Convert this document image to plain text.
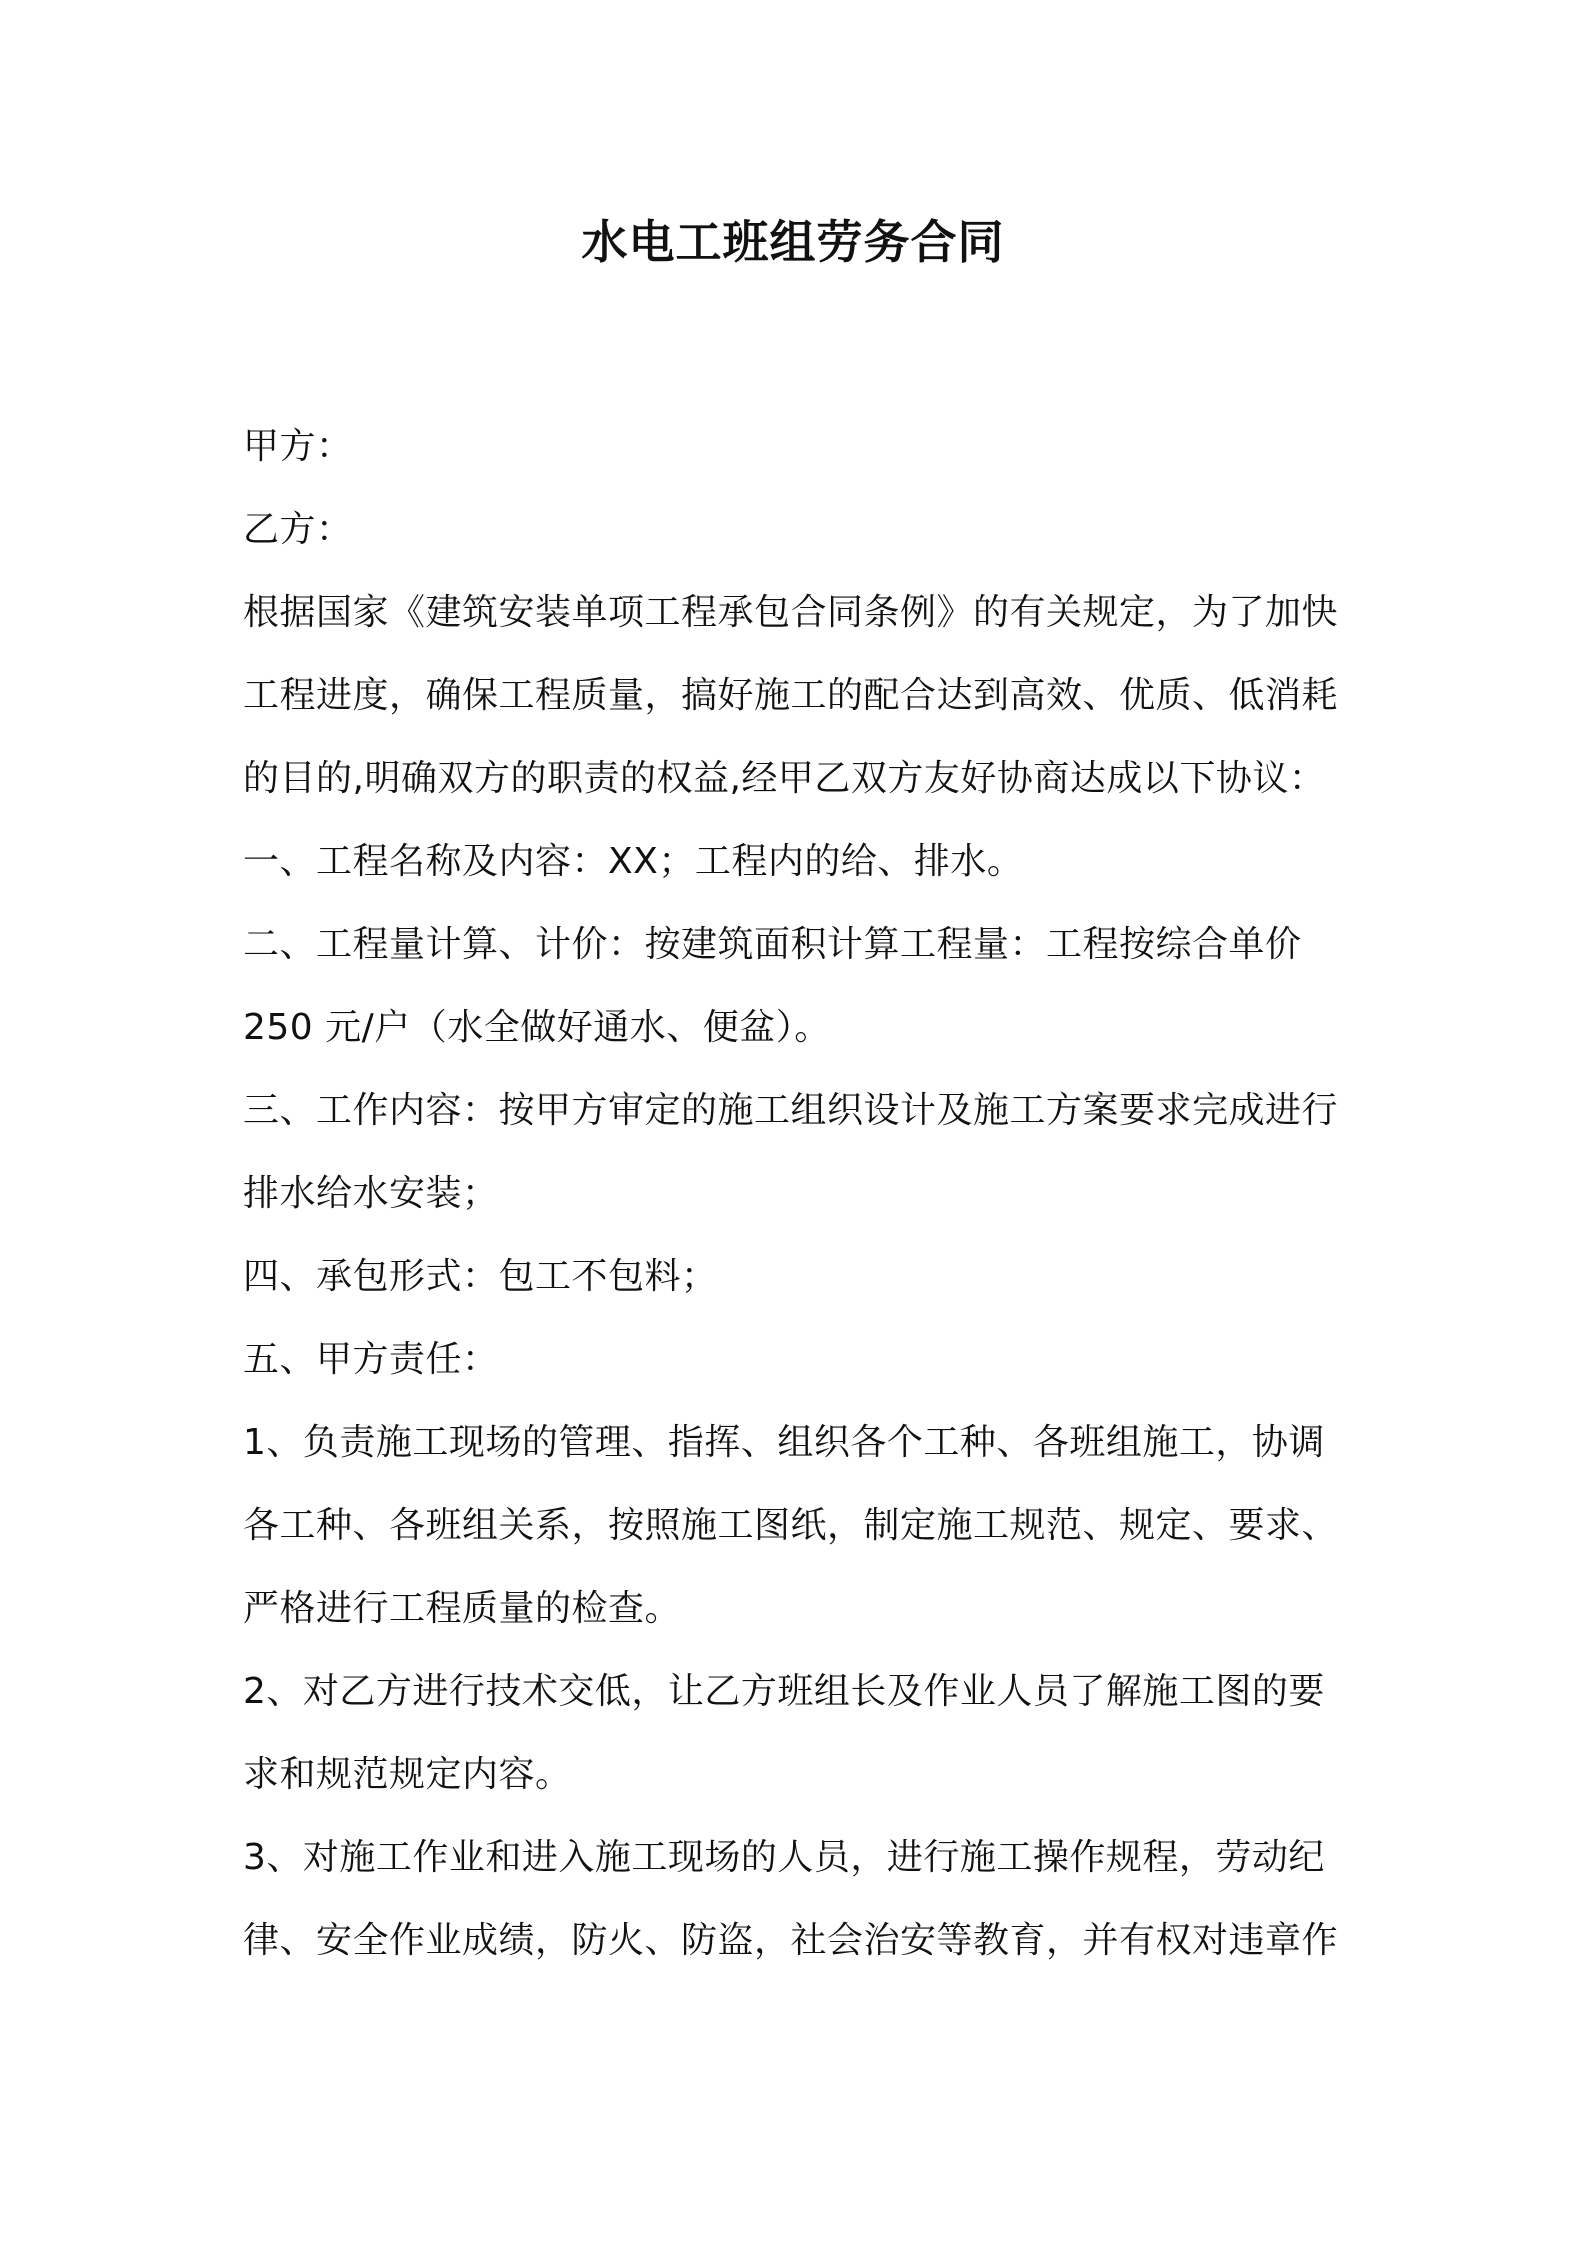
水电工班组劳务合同
甲方：
乙方：
根据国家《建筑安装单项工程承包合同条例》的有关规定，为了加快
工程进度，确保工程质量，搞好施工的配合达到高效、优质、低消耗
的目的,明确双方的职责的权益,经甲乙双方友好协商达成以下协议：
一、工程名称及内容：XX；工程内的给、排水。
二、工程量计算、计价：按建筑面积计算工程量：工程按综合单价
250 元/户（水全做好通水、便盆）。
三、工作内容：按甲方审定的施工组织设计及施工方案要求完成进行
排水给水安装；
四、承包形式：包工不包料；
五、甲方责任：
1、负责施工现场的管理、指挥、组织各个工种、各班组施工，协调
各工种、各班组关系，按照施工图纸，制定施工规范、规定、要求、
严格进行工程质量的检查。
2、对乙方进行技术交低，让乙方班组长及作业人员了解施工图的要
求和规范规定内容。
3、对施工作业和进入施工现场的人员，进行施工操作规程，劳动纪
律、安全作业成绩，防火、防盗，社会治安等教育，并有权对违章作
